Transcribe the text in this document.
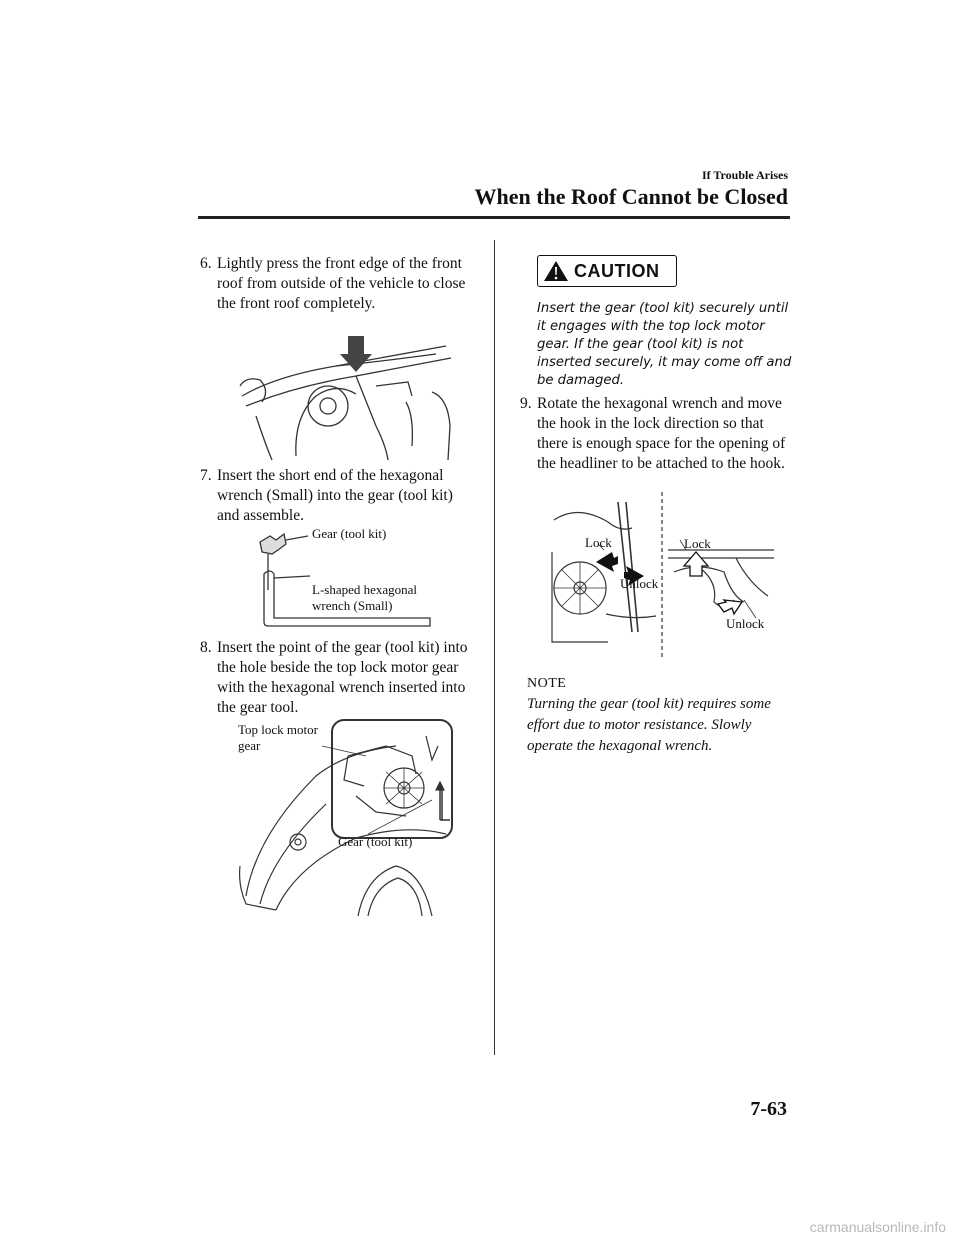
If Trouble Arises
When the Roof Cannot be Closed
6. Lightly press the front edge of the front roof from outside of the vehicle to close the front roof completely.
7. Insert the short end of the hexagonal wrench (Small) into the gear (tool kit) and assemble.
Gear (tool kit)
L-shaped hexagonal
wrench (Small)
8. Insert the point of the gear (tool kit) into the hole beside the top lock motor gear with the hexagonal wrench inserted into the gear tool.
Top lock motor
gear
Gear (tool kit)
CAUTION
Insert the gear (tool kit) securely until it engages with the top lock motor gear. If the gear (tool kit) is not inserted securely, it may come off and be damaged.
9. Rotate the hexagonal wrench and move the hook in the lock direction so that there is enough space for the opening of the headliner to be attached to the hook.
Lock
Unlock
Lock
Unlock
NOTE
Turning the gear (tool kit) requires some effort due to motor resistance. Slowly operate the hexagonal wrench.
7-63
carmanualsonline.info
